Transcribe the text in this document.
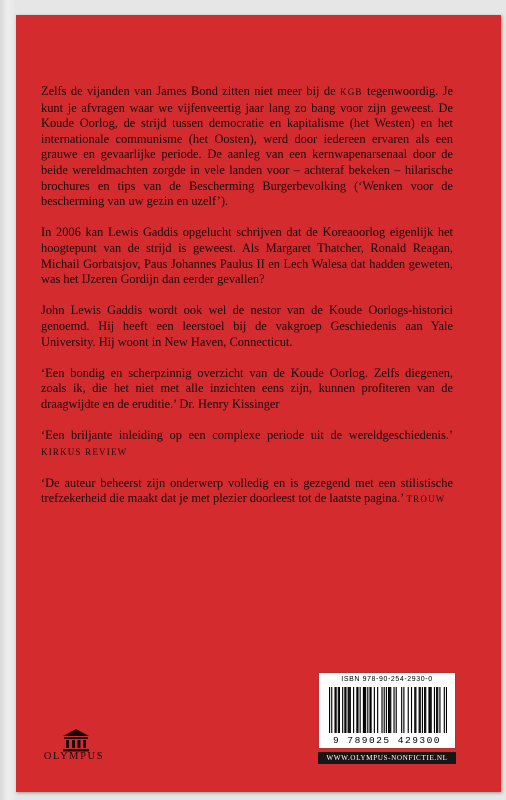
Zelfs de vijanden van James Bond zitten niet meer bij de KGB tegenwoordig. Je kunt je afvragen waar we vijfenveertig jaar lang zo bang voor zijn geweest. De Koude Oorlog, de strijd tussen democratie en kapitalisme (het Westen) en het internationale communisme (het Oosten), werd door iedereen ervaren als een grauwe en gevaarlijke periode. De aanleg van een kernwapenarsenaal door de beide wereldmachten zorgde in vele landen voor – achteraf bekeken – hilarische brochures en tips van de Bescherming Burgerbevolking (‘Wenken voor de bescherming van uw gezin en uzelf’).

In 2006 kan Lewis Gaddis opgelucht schrijven dat de Koreaoorlog eigenlijk het hoogtepunt van de strijd is geweest. Als Margaret Thatcher, Ronald Reagan, Michail Gorbatsjov, Paus Johannes Paulus II en Lech Walesa dat hadden geweten, was het IJzeren Gordijn dan eerder gevallen?

John Lewis Gaddis wordt ook wel de nestor van de Koude Oorlogs-historici genoemd. Hij heeft een leerstoel bij de vakgroep Geschiedenis aan Yale University. Hij woont in New Haven, Connecticut.

‘Een bondig en scherpzinnig overzicht van de Koude Oorlog. Zelfs diegenen, zoals ik, die het niet met alle inzichten eens zijn, kunnen profiteren van de draagwijdte en de eruditie.’ Dr. Henry Kissinger

‘Een briljante inleiding op een complexe periode uit de wereldgeschiedenis.’ KIRKUS REVIEW

‘De auteur beheerst zijn onderwerp volledig en is gezegend met een stilistische trefzekerheid die maakt dat je met plezier doorleest tot de laatste pagina.’ TROUW

ISBN 978-90-254-2930-0
9 789025 429300
WWW.OLYMPUS-NONFICTIE.NL
OLYMPUS
